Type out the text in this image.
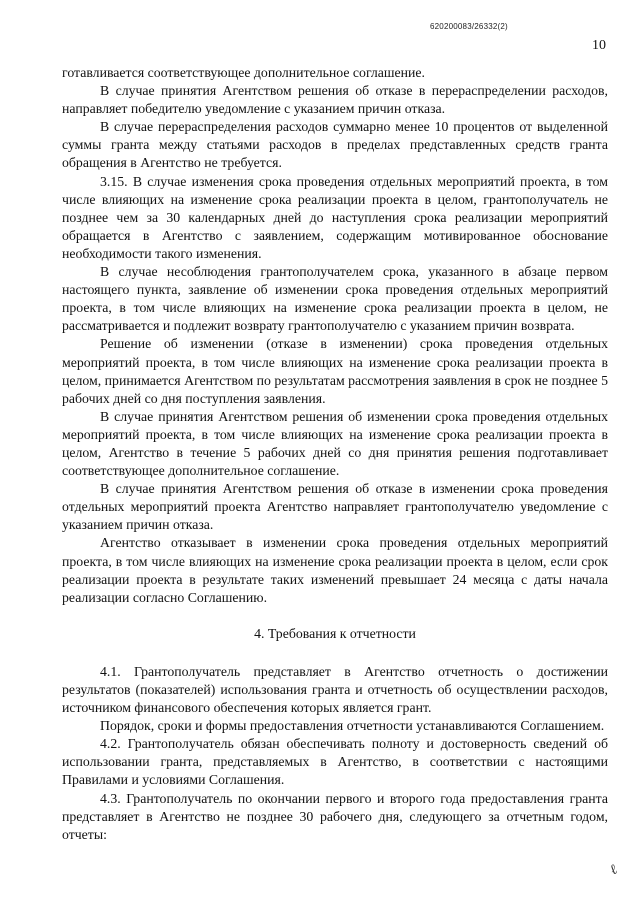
620200083/26332(2)
10

готавливается соответствующее дополнительное соглашение.

В случае принятия Агентством решения об отказе в перераспределении расходов, направляет победителю уведомление с указанием причин отказа.

В случае перераспределения расходов суммарно менее 10 процентов от выделенной суммы гранта между статьями расходов в пределах представленных средств гранта обращения в Агентство не требуется.

3.15. В случае изменения срока проведения отдельных мероприятий проекта, в том числе влияющих на изменение срока реализации проекта в целом, грантополучатель не позднее чем за 30 календарных дней до наступления срока реализации мероприятий обращается в Агентство с заявлением, содержащим мотивированное обоснование необходимости такого изменения.

В случае несоблюдения грантополучателем срока, указанного в абзаце первом настоящего пункта, заявление об изменении срока проведения отдельных мероприятий проекта, в том числе влияющих на изменение срока реализации проекта в целом, не рассматривается и подлежит возврату грантополучателю с указанием причин возврата.

Решение об изменении (отказе в изменении) срока проведения отдельных мероприятий проекта, в том числе влияющих на изменение срока реализации проекта в целом, принимается Агентством по результатам рассмотрения заявления в срок не позднее 5 рабочих дней со дня поступления заявления.

В случае принятия Агентством решения об изменении срока проведения отдельных мероприятий проекта, в том числе влияющих на изменение срока реализации проекта в целом, Агентство в течение 5 рабочих дней со дня принятия решения подготавливает соответствующее дополнительное соглашение.

В случае принятия Агентством решения об отказе в изменении срока проведения отдельных мероприятий проекта Агентство направляет грантополучателю уведомление с указанием причин отказа.

Агентство отказывает в изменении срока проведения отдельных мероприятий проекта, в том числе влияющих на изменение срока реализации проекта в целом, если срок реализации проекта в результате таких изменений превышает 24 месяца с даты начала реализации согласно Соглашению.

4. Требования к отчетности

4.1. Грантополучатель представляет в Агентство отчетность о достижении результатов (показателей) использования гранта и отчетность об осуществлении расходов, источником финансового обеспечения которых является грант.

Порядок, сроки и формы предоставления отчетности устанавливаются Соглашением.

4.2. Грантополучатель обязан обеспечивать полноту и достоверность сведений об использовании гранта, представляемых в Агентство, в соответствии с настоящими Правилами и условиями Соглашения.

4.3. Грантополучатель по окончании первого и второго года предоставления гранта представляет в Агентство не позднее 30 рабочего дня, следующего за отчетным годом, отчеты:

ℓ
